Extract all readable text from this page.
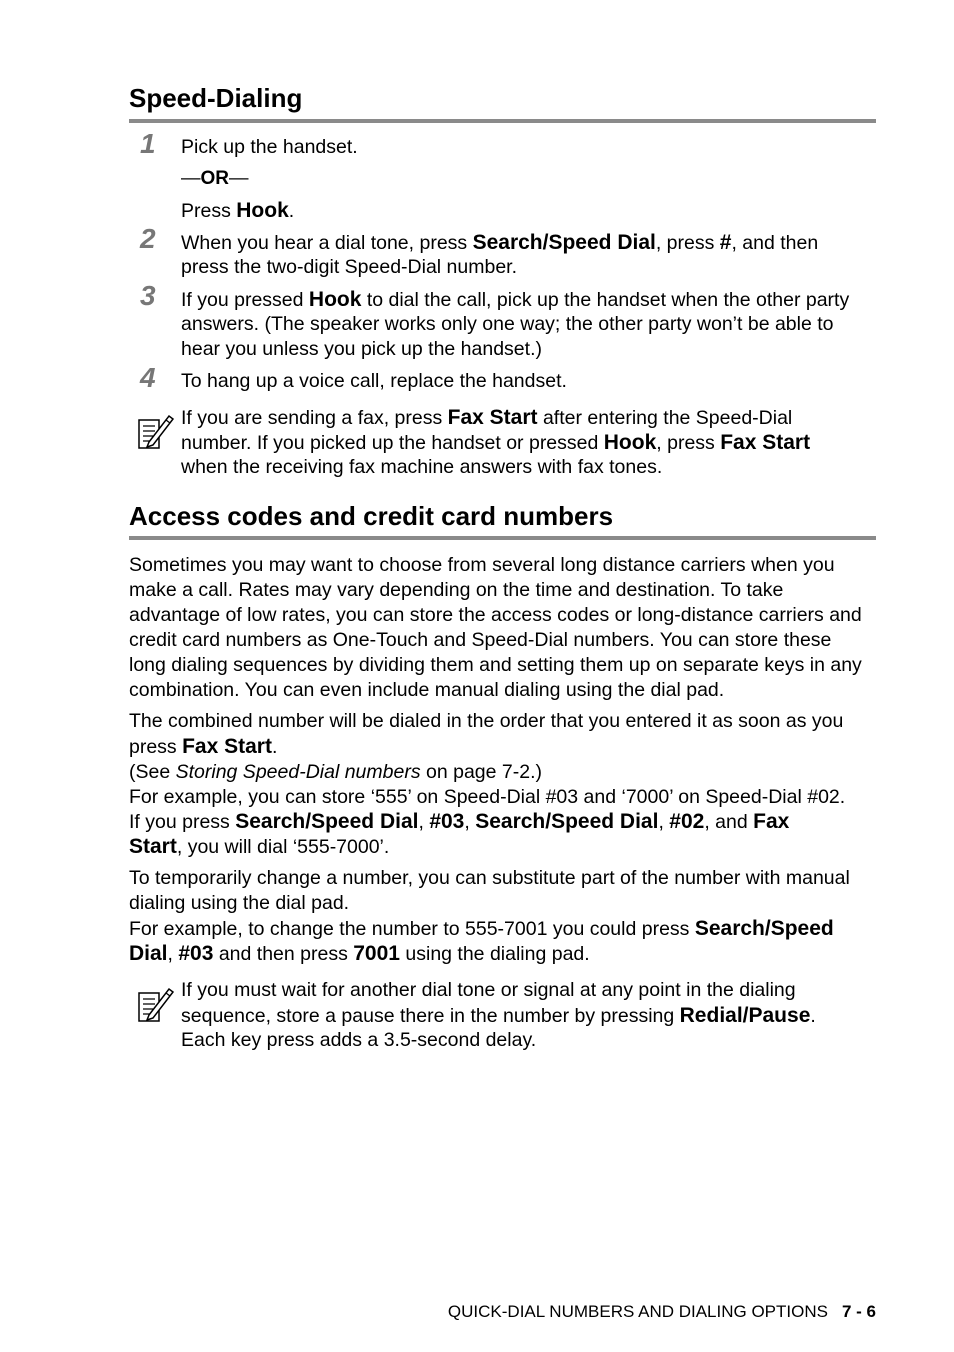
Speed-Dialing
1 Pick up the handset.
—OR—
Press Hook.
2 When you hear a dial tone, press Search/Speed Dial, press #, and then
press the two-digit Speed-Dial number.
3 If you pressed Hook to dial the call, pick up the handset when the other party
answers. (The speaker works only one way; the other party won’t be able to
hear you unless you pick up the handset.)
4 To hang up a voice call, replace the handset.
If you are sending a fax, press Fax Start after entering the Speed-Dial
number. If you picked up the handset or pressed Hook, press Fax Start
when the receiving fax machine answers with fax tones.
Access codes and credit card numbers
Sometimes you may want to choose from several long distance carriers when you
make a call. Rates may vary depending on the time and destination. To take
advantage of low rates, you can store the access codes or long-distance carriers and
credit card numbers as One-Touch and Speed-Dial numbers. You can store these
long dialing sequences by dividing them and setting them up on separate keys in any
combination. You can even include manual dialing using the dial pad.
The combined number will be dialed in the order that you entered it as soon as you
press Fax Start.
(See Storing Speed-Dial numbers on page 7-2.)
For example, you can store ‘555’ on Speed-Dial #03 and ‘7000’ on Speed-Dial #02.
If you press Search/Speed Dial, #03, Search/Speed Dial, #02, and Fax
Start, you will dial ‘555-7000’.
To temporarily change a number, you can substitute part of the number with manual
dialing using the dial pad.
For example, to change the number to 555-7001 you could press Search/Speed
Dial, #03 and then press 7001 using the dialing pad.
If you must wait for another dial tone or signal at any point in the dialing
sequence, store a pause there in the number by pressing Redial/Pause.
Each key press adds a 3.5-second delay.
QUICK-DIAL NUMBERS AND DIALING OPTIONS 7 - 6
